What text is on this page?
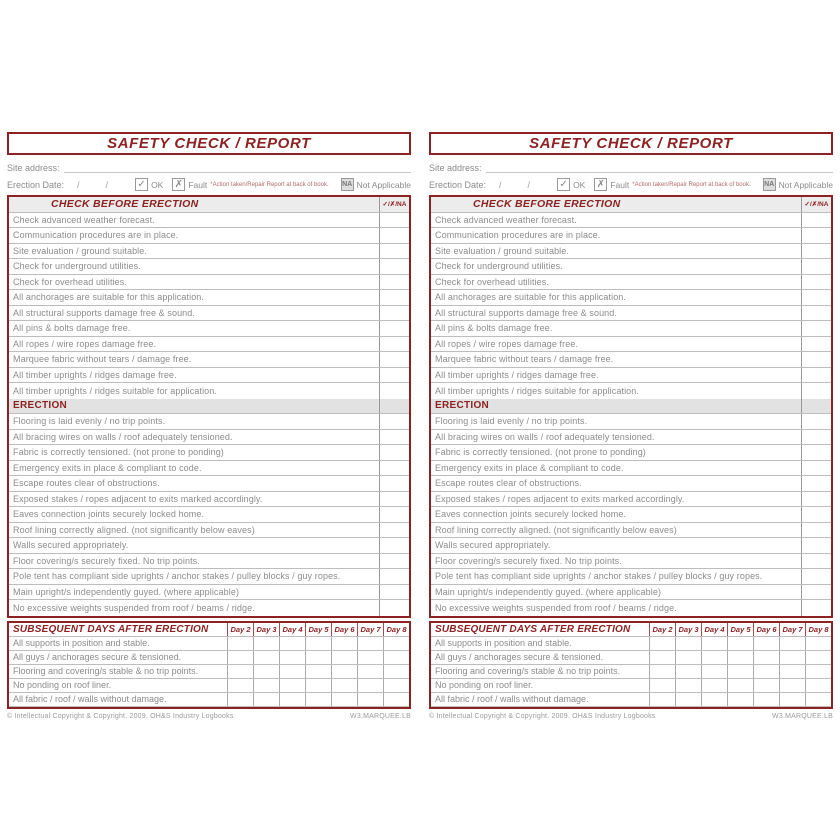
SAFETY CHECK / REPORT
Site address:
Erection Date: /	/	✓ OK ✗ Fault *Action taken/Repair Report at back of book. NA Not Applicable
CHECK BEFORE ERECTION	✓/✗/NA
Check advanced weather forecast.
Communication procedures are in place.
Site evaluation / ground suitable.
Check for underground utilities.
Check for overhead utilities.
All anchorages are suitable for this application.
All structural supports damage free & sound.
All pins & bolts damage free.
All ropes / wire ropes damage free.
Marquee fabric without tears / damage free.
All timber uprights / ridges damage free.
All timber uprights / ridges suitable for application.
ERECTION
Flooring is laid evenly / no trip points.
All bracing wires on walls / roof adequately tensioned.
Fabric is correctly tensioned. (not prone to ponding)
Emergency exits in place & compliant to code.
Escape routes clear of obstructions.
Exposed stakes / ropes adjacent to exits marked accordingly.
Eaves connection joints securely locked home.
Roof lining correctly aligned. (not significantly below eaves)
Walls secured appropriately.
Floor covering/s securely fixed. No trip points.
Pole tent has compliant side uprights / anchor stakes / pulley blocks / guy ropes.
Main upright/s independently guyed. (where applicable)
No excessive weights suspended from roof / beams / ridge.
SUBSEQUENT DAYS AFTER ERECTION	Day 2 Day 3 Day 4 Day 5 Day 6 Day 7 Day 8
All supports in position and stable.
All guys / anchorages secure & tensioned.
Flooring and covering/s stable & no trip points.
No ponding on roof liner.
All fabric / roof / walls without damage.
© Intellectual Copyright & Copyright. 2009. OH&S Industry Logbooks	W3.MARQUEE.LB
SAFETY CHECK / REPORT
Site address:
Erection Date: /	/	✓ OK ✗ Fault *Action taken/Repair Report at back of book. NA Not Applicable
CHECK BEFORE ERECTION	✓/✗/NA
Check advanced weather forecast.
Communication procedures are in place.
Site evaluation / ground suitable.
Check for underground utilities.
Check for overhead utilities.
All anchorages are suitable for this application.
All structural supports damage free & sound.
All pins & bolts damage free.
All ropes / wire ropes damage free.
Marquee fabric without tears / damage free.
All timber uprights / ridges damage free.
All timber uprights / ridges suitable for application.
ERECTION
Flooring is laid evenly / no trip points.
All bracing wires on walls / roof adequately tensioned.
Fabric is correctly tensioned. (not prone to ponding)
Emergency exits in place & compliant to code.
Escape routes clear of obstructions.
Exposed stakes / ropes adjacent to exits marked accordingly.
Eaves connection joints securely locked home.
Roof lining correctly aligned. (not significantly below eaves)
Walls secured appropriately.
Floor covering/s securely fixed. No trip points.
Pole tent has compliant side uprights / anchor stakes / pulley blocks / guy ropes.
Main upright/s independently guyed. (where applicable)
No excessive weights suspended from roof / beams / ridge.
SUBSEQUENT DAYS AFTER ERECTION	Day 2 Day 3 Day 4 Day 5 Day 6 Day 7 Day 8
All supports in position and stable.
All guys / anchorages secure & tensioned.
Flooring and covering/s stable & no trip points.
No ponding on roof liner.
All fabric / roof / walls without damage.
© Intellectual Copyright & Copyright. 2009. OH&S Industry Logbooks	W3.MARQUEE.LB
